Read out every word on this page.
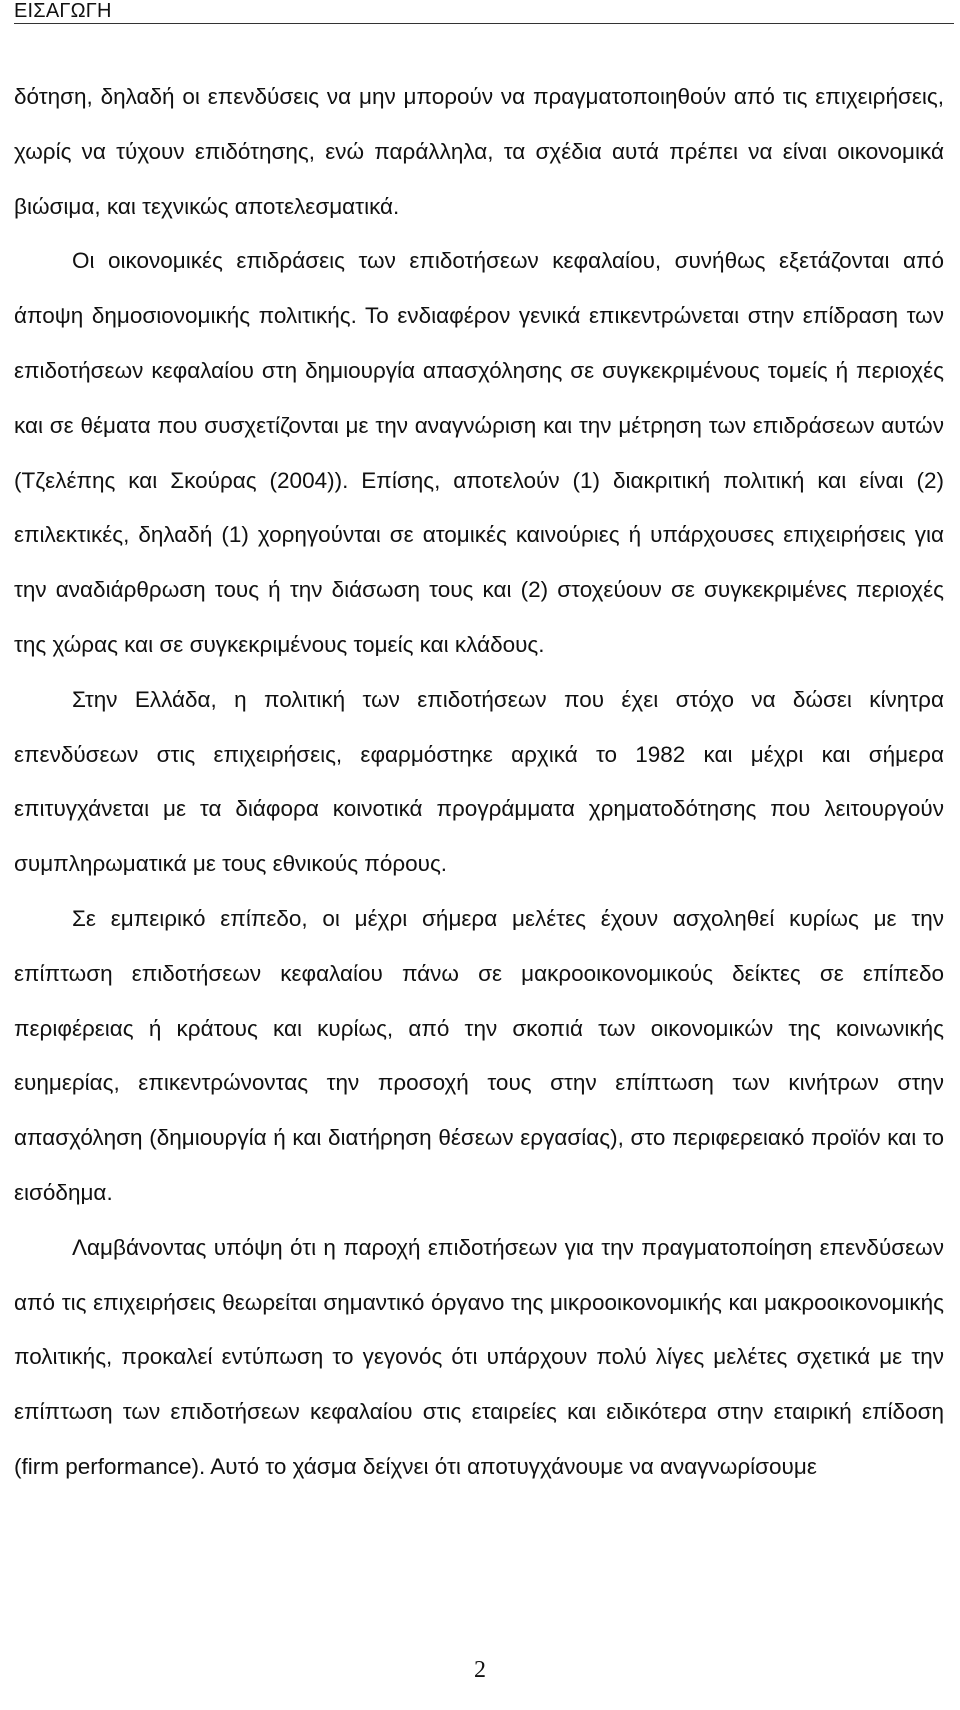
ΕΙΣΑΓΩΓΗ

δότηση, δηλαδή οι επενδύσεις να μην μπορούν να πραγματοποιηθούν από τις επιχειρήσεις, χωρίς να τύχουν επιδότησης, ενώ παράλληλα, τα σχέδια αυτά πρέπει να είναι οικονομικά βιώσιμα, και τεχνικώς αποτελεσματικά.

Οι οικονομικές επιδράσεις των επιδοτήσεων κεφαλαίου, συνήθως εξετάζονται από άποψη δημοσιονομικής πολιτικής. Το ενδιαφέρον γενικά επικεντρώνεται στην επίδραση των επιδοτήσεων κεφαλαίου στη δημιουργία απασχόλησης σε συγκεκριμένους τομείς ή περιοχές και σε θέματα που συσχετίζονται με την αναγνώριση και την μέτρηση των επιδράσεων αυτών (Τζελέπης και Σκούρας (2004)). Επίσης, αποτελούν (1) διακριτική πολιτική και είναι (2) επιλεκτικές, δηλαδή (1) χορηγούνται σε ατομικές καινούριες ή υπάρχουσες επιχειρήσεις για την αναδιάρθρωση τους ή την διάσωση τους και (2) στοχεύουν σε συγκεκριμένες περιοχές της χώρας και σε συγκεκριμένους τομείς και κλάδους.

Στην Ελλάδα, η πολιτική των επιδοτήσεων που έχει στόχο να δώσει κίνητρα επενδύσεων στις επιχειρήσεις, εφαρμόστηκε αρχικά το 1982 και μέχρι και σήμερα επιτυγχάνεται με τα διάφορα κοινοτικά προγράμματα χρηματοδότησης που λειτουργούν συμπληρωματικά με τους εθνικούς πόρους.

Σε εμπειρικό επίπεδο, οι μέχρι σήμερα μελέτες έχουν ασχοληθεί κυρίως με την επίπτωση επιδοτήσεων κεφαλαίου πάνω σε μακροοικονομικούς δείκτες σε επίπεδο περιφέρειας ή κράτους και κυρίως, από την σκοπιά των οικονομικών της κοινωνικής ευημερίας, επικεντρώνοντας την προσοχή τους στην επίπτωση των κινήτρων στην απασχόληση (δημιουργία ή και διατήρηση θέσεων εργασίας), στο περιφερειακό προϊόν και το εισόδημα.

Λαμβάνοντας υπόψη ότι η παροχή επιδοτήσεων για την πραγματοποίηση επενδύσεων από τις επιχειρήσεις θεωρείται σημαντικό όργανο της μικροοικονομικής και μακροοικονομικής πολιτικής, προκαλεί εντύπωση το γεγονός ότι υπάρχουν πολύ λίγες μελέτες σχετικά με την επίπτωση των επιδοτήσεων κεφαλαίου στις εταιρείες και ειδικότερα στην εταιρική επίδοση (firm performance). Αυτό το χάσμα δείχνει ότι αποτυγχάνουμε να αναγνωρίσουμε

2
